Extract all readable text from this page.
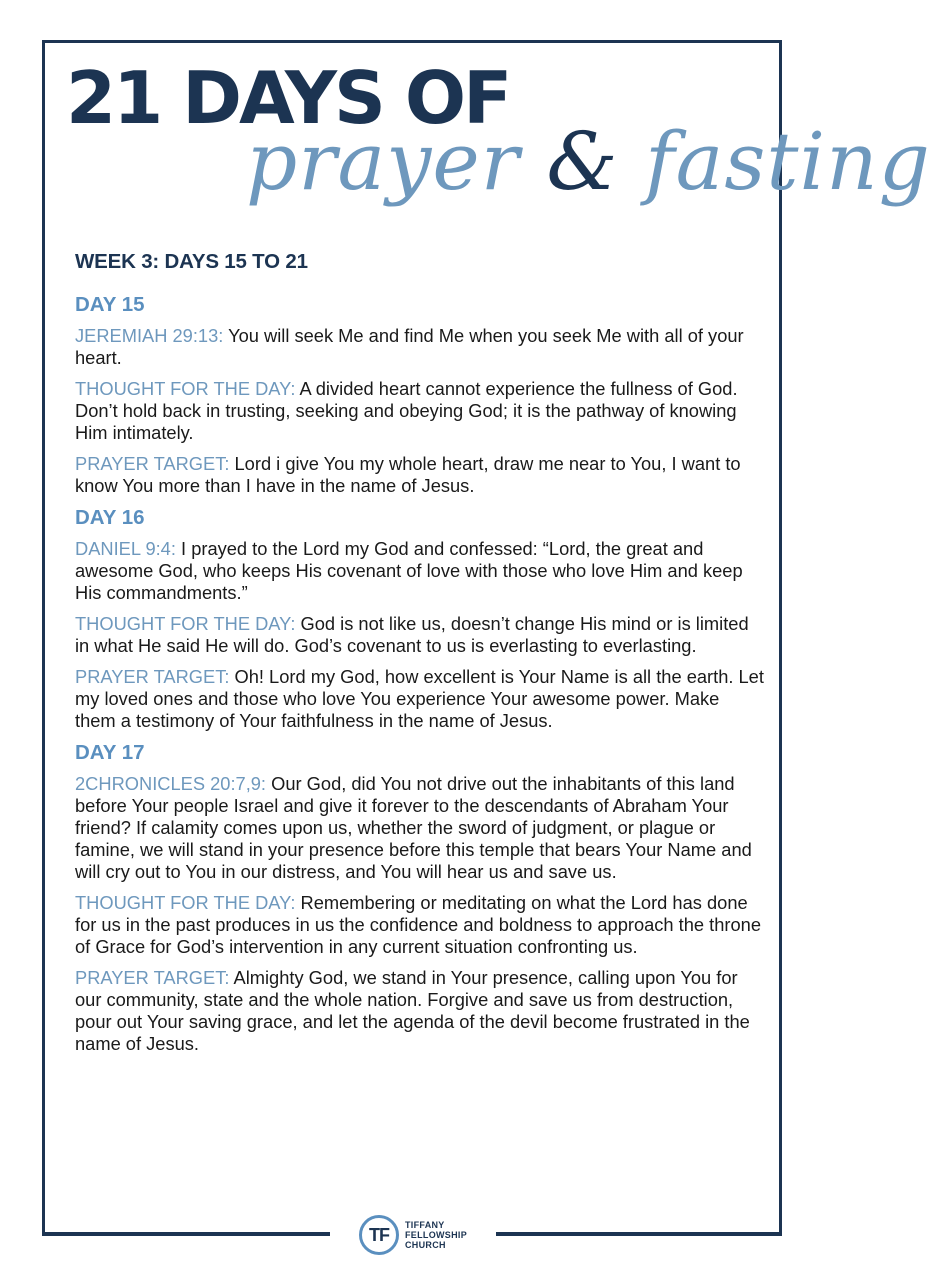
21 DAYS OF
prayer & fasting
WEEK 3: DAYS 15 TO 21
DAY 15

JEREMIAH 29:13: You will seek Me and find Me when you seek Me with all of your heart.

THOUGHT FOR THE DAY: A divided heart cannot experience the fullness of God. Don’t hold back in trusting, seeking and obeying God; it is the pathway of knowing Him intimately.

PRAYER TARGET: Lord i give You my whole heart, draw me near to You, I want to know You more than I have in the name of Jesus.

DAY 16

DANIEL 9:4: I prayed to the Lord my God and confessed: “Lord, the great and awesome God, who keeps His covenant of love with those who love Him and keep His commandments.”

THOUGHT FOR THE DAY: God is not like us, doesn’t change His mind or is limited in what He said He will do. God’s covenant to us is everlasting to everlasting.

PRAYER TARGET: Oh! Lord my God, how excellent is Your Name is all the earth. Let my loved ones and those who love You experience Your awesome power. Make them a testimony of Your faithfulness in the name of Jesus.

DAY 17

2CHRONICLES 20:7,9: Our God, did You not drive out the inhabitants of this land before Your people Israel and give it forever to the descendants of Abraham Your friend? If calamity comes upon us, whether the sword of judgment, or plague or famine, we will stand in your presence before this temple that bears Your Name and will cry out to You in our distress, and You will hear us and save us.

THOUGHT FOR THE DAY: Remembering or meditating on what the Lord has done for us in the past produces in us the confidence and boldness to approach the throne of Grace for God’s intervention in any current situation confronting us.

PRAYER TARGET: Almighty God, we stand in Your presence, calling upon You for our community, state and the whole nation. Forgive and save us from destruction, pour out Your saving grace, and let the agenda of the devil become frustrated in the name of Jesus.

TF	TIFFANY
FELLOWSHIP
CHURCH
